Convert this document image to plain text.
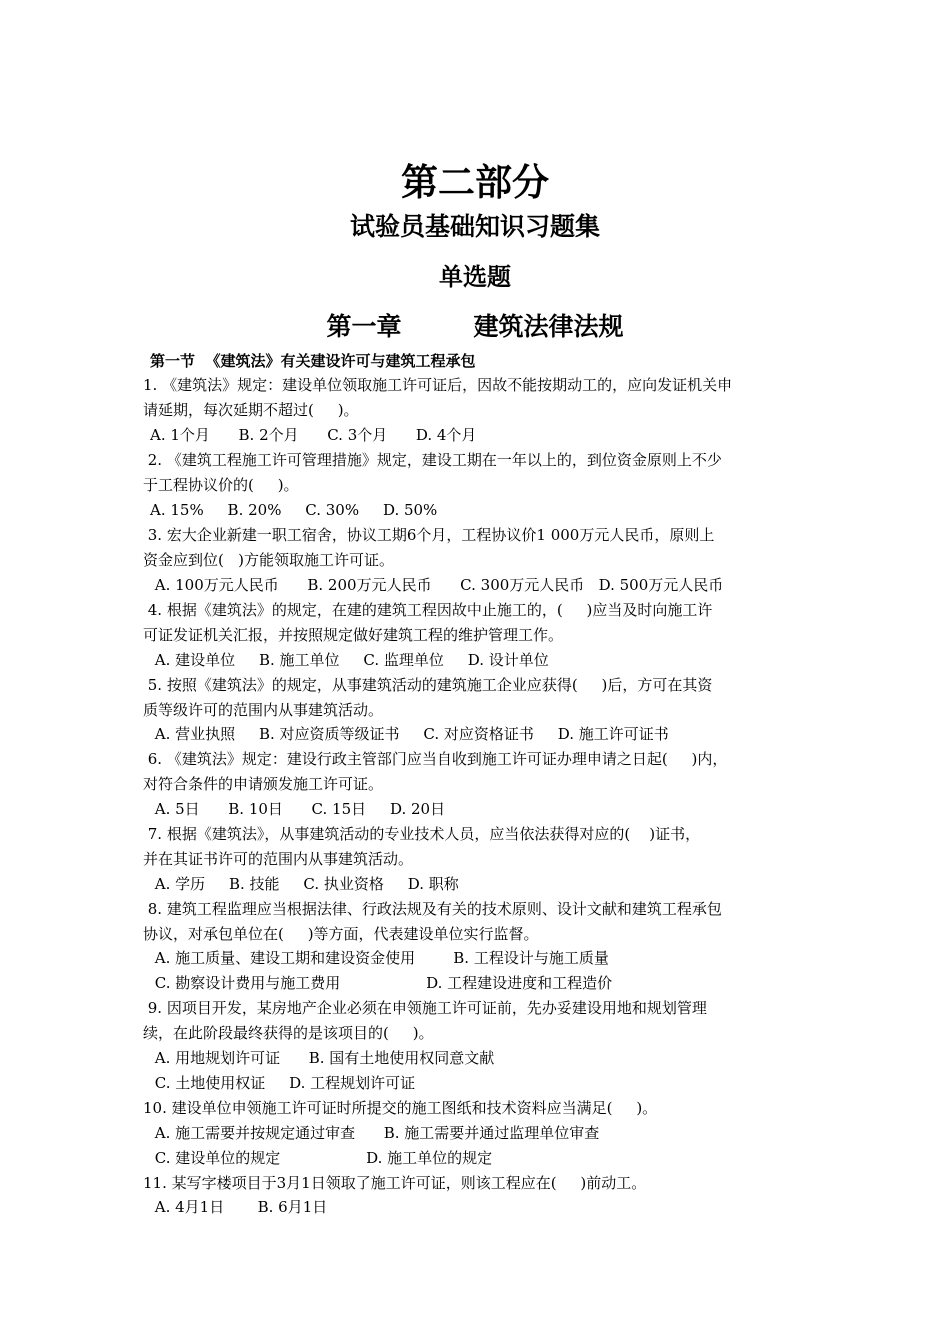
第二部分
试验员基础知识习题集
单选题
第一章	建筑法律法规
第一节  《建筑法》有关建设许可与建筑工程承包
1. 《建筑法》规定：建设单位领取施工许可证后，因故不能按期动工的，应向发证机关申
请延期，每次延期不超过(     )。
A. 1个月      B. 2个月      C. 3个月      D. 4个月
2. 《建筑工程施工许可管理措施》规定，建设工期在一年以上的，到位资金原则上不少
于工程协议价的(     )。
A. 15%     B. 20%     C. 30%     D. 50%
3. 宏大企业新建一职工宿舍，协议工期6个月，工程协议价1 000万元人民币，原则上
资金应到位(   )方能领取施工许可证。
A. 100万元人民币      B. 200万元人民币      C. 300万元人民币   D. 500万元人民币
4. 根据《建筑法》的规定，在建的建筑工程因故中止施工的，(     )应当及时向施工许
可证发证机关汇报，并按照规定做好建筑工程的维护管理工作。
A. 建设单位     B. 施工单位     C. 监理单位     D. 设计单位
5. 按照《建筑法》的规定，从事建筑活动的建筑施工企业应获得(     )后，方可在其资
质等级许可的范围内从事建筑活动。
A. 营业执照     B. 对应资质等级证书     C. 对应资格证书     D. 施工许可证书
6. 《建筑法》规定：建设行政主管部门应当自收到施工许可证办理申请之日起(     )内，
对符合条件的申请颁发施工许可证。
A. 5日      B. 10日      C. 15日     D. 20日
7. 根据《建筑法》，从事建筑活动的专业技术人员，应当依法获得对应的(    )证书，
并在其证书许可的范围内从事建筑活动。
A. 学历     B. 技能     C. 执业资格     D. 职称
8. 建筑工程监理应当根据法律、行政法规及有关的技术原则、设计文献和建筑工程承包
协议，对承包单位在(     )等方面，代表建设单位实行监督。
A. 施工质量、建设工期和建设资金使用        B. 工程设计与施工质量
C. 勘察设计费用与施工费用                  D. 工程建设进度和工程造价
9. 因项目开发，某房地产企业必须在申领施工许可证前，先办妥建设用地和规划管理
续，在此阶段最终获得的是该项目的(     )。
A. 用地规划许可证      B. 国有土地使用权同意文献
C. 土地使用权证     D. 工程规划许可证
10. 建设单位申领施工许可证时所提交的施工图纸和技术资料应当满足(     )。
A. 施工需要并按规定通过审查      B. 施工需要并通过监理单位审查
C. 建设单位的规定                  D. 施工单位的规定
11. 某写字楼项目于3月1日领取了施工许可证，则该工程应在(     )前动工。
A. 4月1日       B. 6月1日
